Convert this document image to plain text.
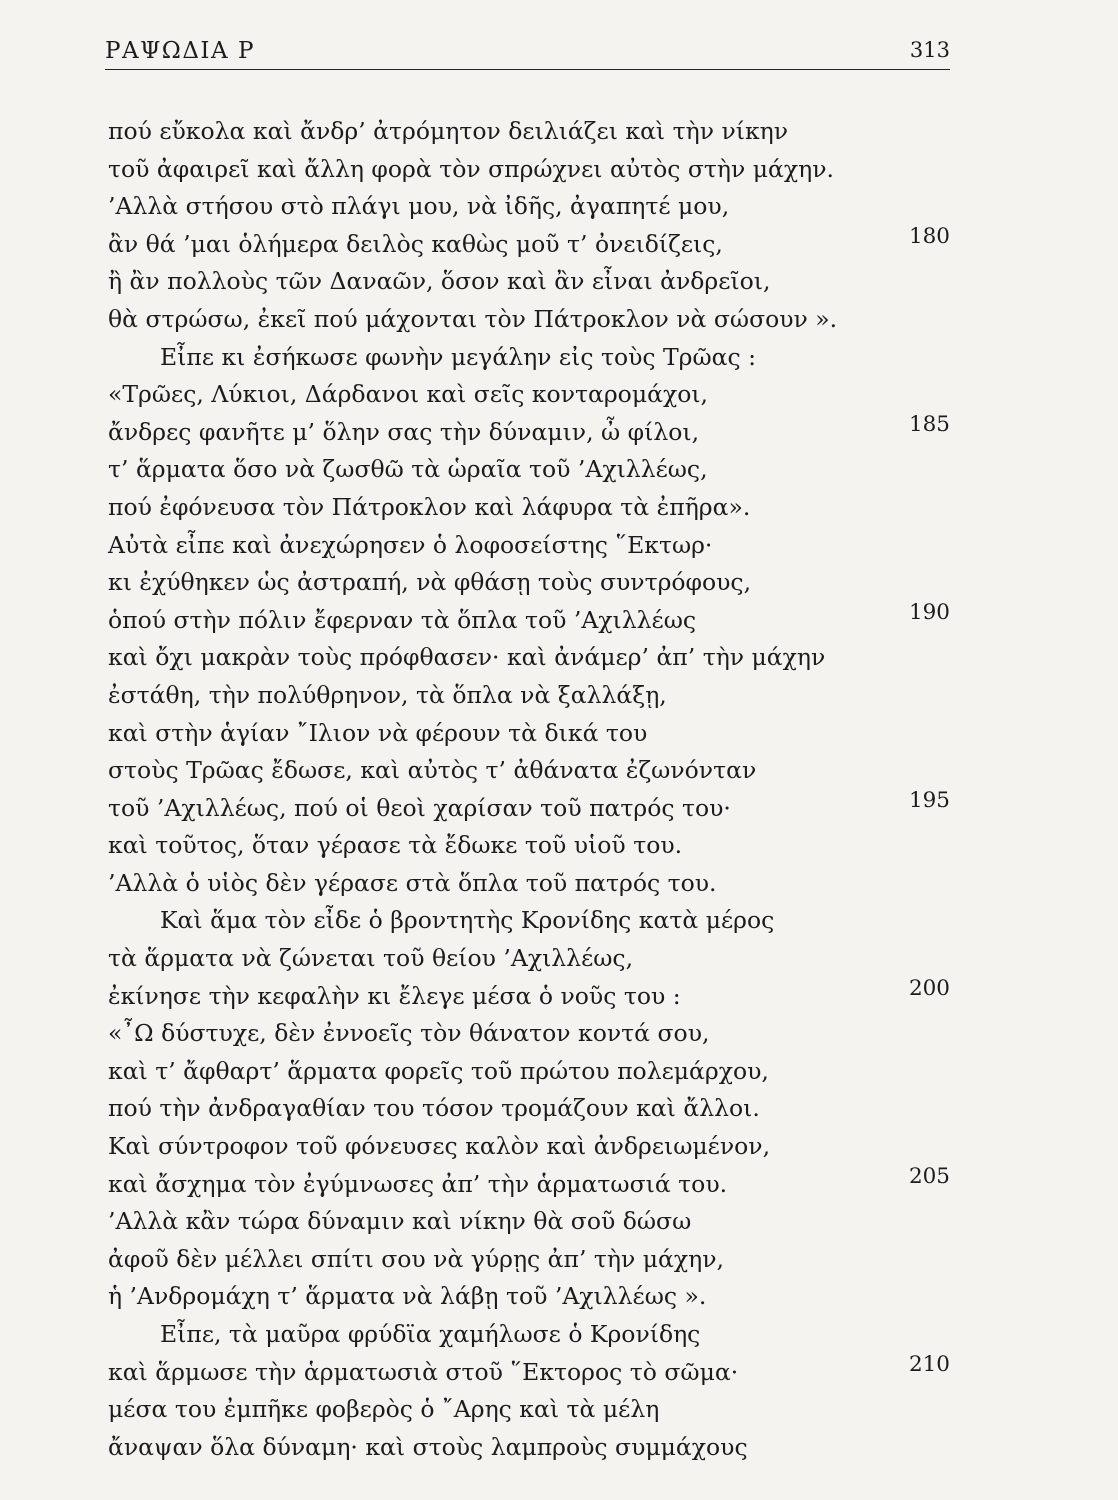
ΡΑΨΩΔΙΑ Ρ	313
πού εὔκολα καὶ ἄνδρ’ ἀτρόμητον δειλιάζει καὶ τὴν νίκην
τοῦ ἀφαιρεῖ καὶ ἄλλη φορὰ τὸν σπρώχνει αὐτὸς στὴν μάχην.
’Αλλὰ στήσου στὸ πλάγι μου, νὰ ἰδῆς, ἀγαπητέ μου,
ἂν θά ’μαι ὁλήμερα δειλὸς καθὼς μοῦ τ’ ὀνειδίζεις,	180
ἢ ἂν πολλοὺς τῶν Δαναῶν, ὅσον καὶ ἂν εἶναι ἀνδρεῖοι,
θὰ στρώσω, ἐκεῖ πού μάχονται τὸν Πάτροκλον νὰ σώσουν ».
Εἶπε κι ἐσήκωσε φωνὴν μεγάλην εἰς τοὺς Τρῶας :
«Τρῶες, Λύκιοι, Δάρδανοι καὶ σεῖς κονταρομάχοι,
ἄνδρες φανῆτε μ’ ὅλην σας τὴν δύναμιν, ὦ φίλοι,	185
τ’ ἅρματα ὅσο νὰ ζωσθῶ τὰ ὡραῖα τοῦ ’Αχιλλέως,
πού ἐφόνευσα τὸν Πάτροκλον καὶ λάφυρα τὰ ἐπῆρα».
Αὐτὰ εἶπε καὶ ἀνεχώρησεν ὁ λοφοσείστης ῞Εκτωρ·
κι ἐχύθηκεν ὡς ἀστραπή, νὰ φθάσῃ τοὺς συντρόφους,
ὁπού στὴν πόλιν ἔφερναν τὰ ὅπλα τοῦ ’Αχιλλέως	190
καὶ ὄχι μακρὰν τοὺς πρόφθασεν· καὶ ἀνάμερ’ ἀπ’ τὴν μάχην
ἐστάθη, τὴν πολύθρηνον, τὰ ὅπλα νὰ ξαλλάξῃ,
καὶ στὴν ἁγίαν ῎Ιλιον νὰ φέρουν τὰ δικά του
στοὺς Τρῶας ἔδωσε, καὶ αὐτὸς τ’ ἀθάνατα ἐζωνόνταν
τοῦ ’Αχιλλέως, πού οἱ θεοὶ χαρίσαν τοῦ πατρός του·	195
καὶ τοῦτος, ὅταν γέρασε τὰ ἔδωκε τοῦ υἱοῦ του.
’Αλλὰ ὁ υἱὸς δὲν γέρασε στὰ ὅπλα τοῦ πατρός του.
Καὶ ἅμα τὸν εἶδε ὁ βροντητὴς Κρονίδης κατὰ μέρος
τὰ ἅρματα νὰ ζώνεται τοῦ θείου ’Αχιλλέως,
ἐκίνησε τὴν κεφαλὴν κι ἔλεγε μέσα ὁ νοῦς του :	200
«῏Ω δύστυχε, δὲν ἐννοεῖς τὸν θάνατον κοντά σου,
καὶ τ’ ἄφθαρτ’ ἅρματα φορεῖς τοῦ πρώτου πολεμάρχου,
πού τὴν ἀνδραγαθίαν του τόσον τρομάζουν καὶ ἄλλοι.
Καὶ σύντροφον τοῦ φόνευσες καλὸν καὶ ἀνδρειωμένον,
καὶ ἄσχημα τὸν ἐγύμνωσες ἀπ’ τὴν ἁρματωσιά του.	205
’Αλλὰ κἂν τώρα δύναμιν καὶ νίκην θὰ σοῦ δώσω
ἀφοῦ δὲν μέλλει σπίτι σου νὰ γύρῃς ἀπ’ τὴν μάχην,
ἡ ’Ανδρομάχη τ’ ἅρματα νὰ λάβῃ τοῦ ’Αχιλλέως ».
Εἶπε, τὰ μαῦρα φρύδϊα χαμήλωσε ὁ Κρονίδης
καὶ ἅρμωσε τὴν ἁρματωσιὰ στοῦ ῞Εκτορος τὸ σῶμα·	210
μέσα του ἐμπῆκε φοβερὸς ὁ ῎Αρης καὶ τὰ μέλη
ἄναψαν ὅλα δύναμη· καὶ στοὺς λαμπροὺς συμμάχους
